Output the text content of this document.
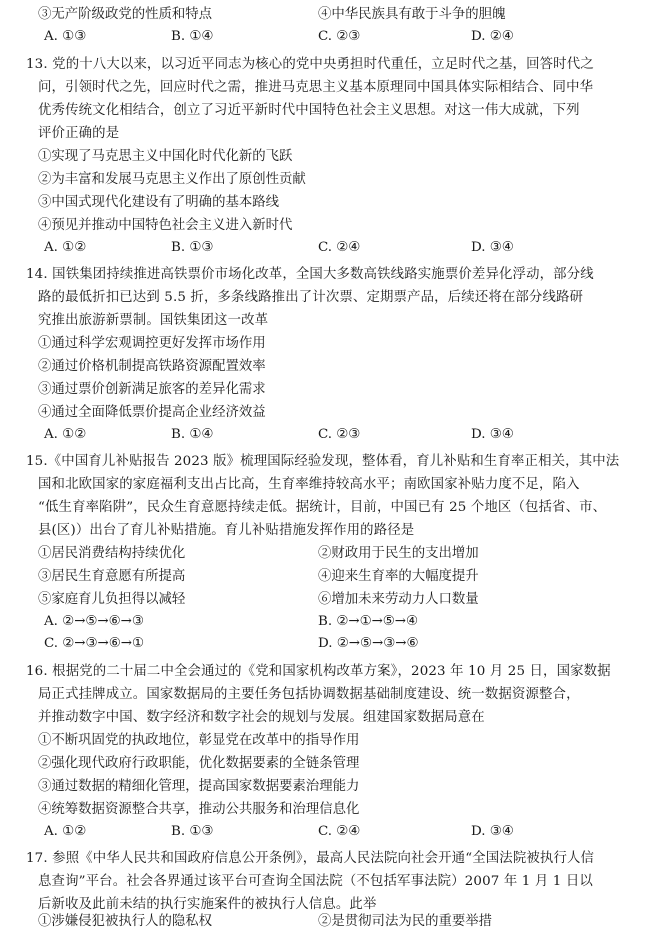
③无产阶级政党的性质和特点	④中华民族具有敢于斗争的胆魄
A. ①③	B. ①④	C. ②③	D. ②④
13. 党的十八大以来，以习近平同志为核心的党中央勇担时代重任，立足时代之基，回答时代之
问，引领时代之先，回应时代之需，推进马克思主义基本原理同中国具体实际相结合、同中华
优秀传统文化相结合，创立了习近平新时代中国特色社会主义思想。对这一伟大成就，下列
评价正确的是
①实现了马克思主义中国化时代化新的飞跃
②为丰富和发展马克思主义作出了原创性贡献
③中国式现代化建设有了明确的基本路线
④预见并推动中国特色社会主义进入新时代
A. ①②	B. ①③	C. ②④	D. ③④
14. 国铁集团持续推进高铁票价市场化改革，全国大多数高铁线路实施票价差异化浮动，部分线
路的最低折扣已达到 5.5 折，多条线路推出了计次票、定期票产品，后续还将在部分线路研
究推出旅游新票制。国铁集团这一改革
①通过科学宏观调控更好发挥市场作用
②通过价格机制提高铁路资源配置效率
③通过票价创新满足旅客的差异化需求
④通过全面降低票价提高企业经济效益
A. ①②	B. ①④	C. ②③	D. ③④
15.《中国育儿补贴报告 2023 版》梳理国际经验发现，整体看，育儿补贴和生育率正相关，其中法
国和北欧国家的家庭福利支出占比高，生育率维持较高水平；南欧国家补贴力度不足，陷入
“低生育率陷阱”，民众生育意愿持续走低。据统计，目前，中国已有 25 个地区（包括省、市、
县(区)）出台了育儿补贴措施。育儿补贴措施发挥作用的路径是
①居民消费结构持续优化	②财政用于民生的支出增加
③居民生育意愿有所提高	④迎来生育率的大幅度提升
⑤家庭育儿负担得以减轻	⑥增加未来劳动力人口数量
A. ②→⑤→⑥→③	B. ②→①→⑤→④
C. ②→③→⑥→①	D. ②→⑤→③→⑥
16. 根据党的二十届二中全会通过的《党和国家机构改革方案》，2023 年 10 月 25 日，国家数据
局正式挂牌成立。国家数据局的主要任务包括协调数据基础制度建设、统一数据资源整合，
并推动数字中国、数字经济和数字社会的规划与发展。组建国家数据局意在
①不断巩固党的执政地位，彰显党在改革中的指导作用
②强化现代政府行政职能，优化数据要素的全链条管理
③通过数据的精细化管理，提高国家数据要素治理能力
④统筹数据资源整合共享，推动公共服务和治理信息化
A. ①②	B. ①③	C. ②④	D. ③④
17. 参照《中华人民共和国政府信息公开条例》，最高人民法院向社会开通“全国法院被执行人信
息查询”平台。社会各界通过该平台可查询全国法院（不包括军事法院）2007 年 1 月 1 日以
后新收及此前未结的执行实施案件的被执行人信息。此举
①涉嫌侵犯被执行人的隐私权	②是贯彻司法为民的重要举措
